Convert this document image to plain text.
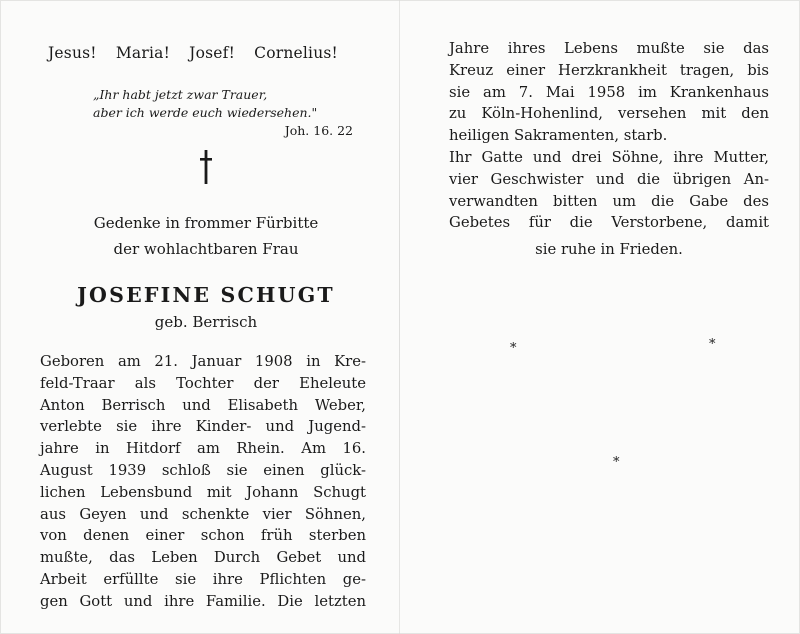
Jesus! Maria! Josef! Cornelius!
„Ihr habt jetzt zwar Trauer,
aber ich werde euch wiedersehen."
Joh. 16. 22
Gedenke in frommer Fürbitte
der wohlachtbaren Frau
JOSEFINE SCHUGT
geb. Berrisch
Geboren am 21. Januar 1908 in Kre-
feld-Traar als Tochter der Eheleute
Anton Berrisch und Elisabeth Weber,
verlebte sie ihre Kinder- und Jugend-
jahre in Hitdorf am Rhein. Am 16.
August 1939 schloß sie einen glück-
lichen Lebensbund mit Johann Schugt
aus Geyen und schenkte vier Söhnen,
von denen einer schon früh sterben
mußte, das Leben Durch Gebet und
Arbeit erfüllte sie ihre Pflichten ge-
gen Gott und ihre Familie. Die letzten
Jahre ihres Lebens mußte sie das
Kreuz einer Herzkrankheit tragen, bis
sie am 7. Mai 1958 im Krankenhaus
zu Köln-Hohenlind, versehen mit den
heiligen Sakramenten, starb.
Ihr Gatte und drei Söhne, ihre Mutter,
vier Geschwister und die übrigen An-
verwandten bitten um die Gabe des
Gebetes für die Verstorbene, damit
sie ruhe in Frieden.
*	*
*
